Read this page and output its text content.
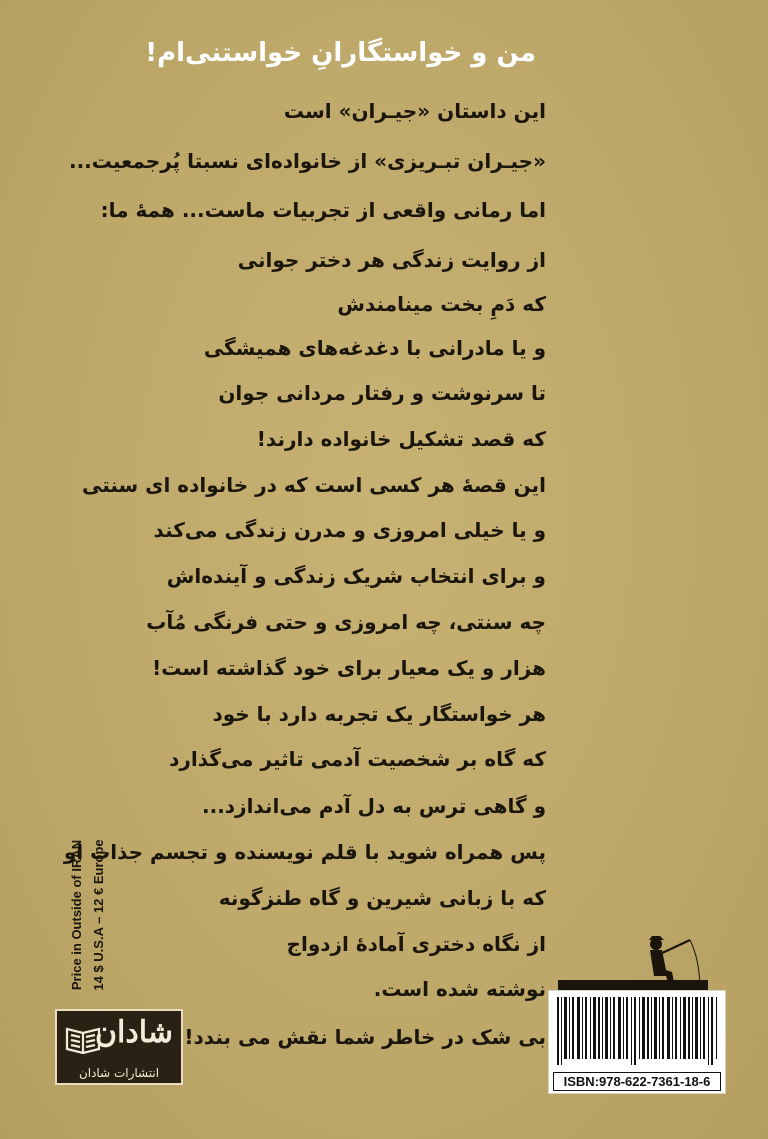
من و خواستگارانِ خواستنی‌ام!
این داستان «جیـران» است
«جیـران تبـریزی» از خانواده‌ای نسبتا پُرجمعیت...
اما رمانی واقعی از تجربیات ماست... همهٔ ما:
از روایت زندگی هر دختر جوانی
که دَمِ بخت مینامندش
و یا مادرانی با دغدغه‌های همیشگی
تا سرنوشت و رفتار مردانی جوان
که قصد تشکیل خانواده دارند!
این قصهٔ هر کسی است که در خانواده ای سنتی
و یا خیلی امروزی و مدرن زندگی می‌کند
و برای انتخاب شریک زندگی و آینده‌اش
چه سنتی، چه امروزی و حتی فرنگی مُآب
هزار و یک معیار برای خود گذاشته است!
هر خواستگار یک تجربه دارد با خود
که گاه بر شخصیت آدمی تاثیر می‌گذارد
و گاهی ترس به دل آدم می‌اندازد...
پس همراه شوید با قلم نویسنده و تجسم جذاب او
که با زبانی شیرین و گاه طنزگونه
از نگاه دختری آمادهٔ ازدواج
نوشته شده است.
بی شک در خاطر شما نقش می بندد!
Price in Outside of IRAN 14 $ U.S.A – 12 € Europe
شادان
انتشارات شادان
ISBN:978-622-7361-18-6
